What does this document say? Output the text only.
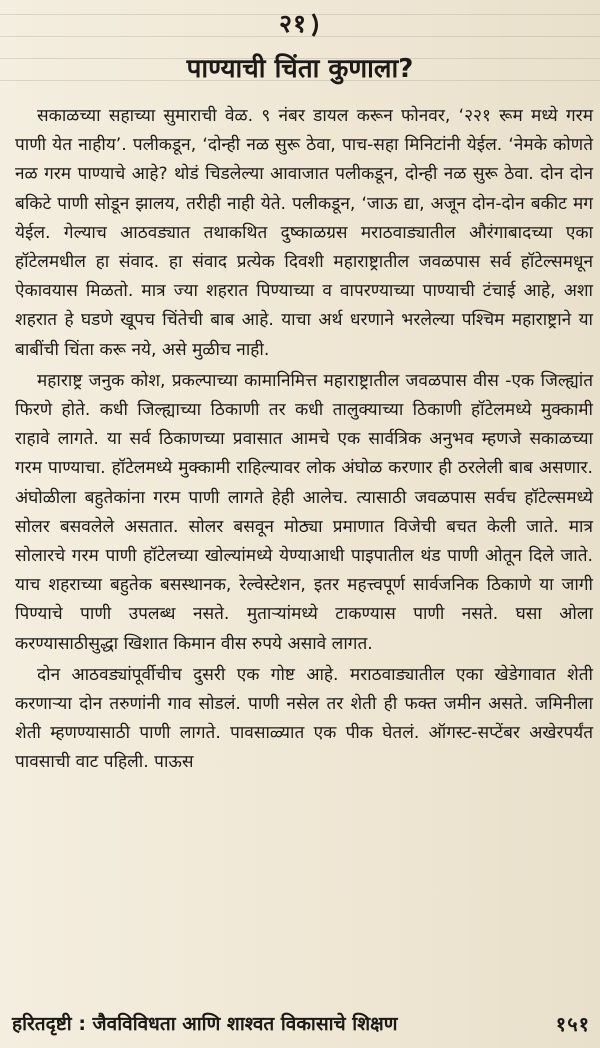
२१
पाण्याची चिंता कुणाला?

सकाळच्या सहाच्या सुमाराची वेळ. ९ नंबर डायल करून फोनवर, ‘२२१ रूम मध्ये गरम पाणी येत नाहीय’. पलीकडून, ‘दोन्ही नळ सुरू ठेवा, पाच-सहा मिनिटांनी येईल. ‘नेमके कोणते नळ गरम पाण्याचे आहे? थोडं चिडलेल्या आवाजात पलीकडून, दोन्ही नळ सुरू ठेवा. दोन दोन बकिटे पाणी सोडून झालय, तरीही नाही येते. पलीकडून, ‘जाऊ द्या, अजून दोन-दोन बकीट मग येईल. गेल्याच आठवड्यात तथाकथित दुष्काळग्रस मराठवाड्यातील औरंगाबादच्या एका हॉटेलमधील हा संवाद. हा संवाद प्रत्येक दिवशी महाराष्ट्रातील जवळपास सर्व हॉटेल्समधून ऐकावयास मिळतो. मात्र ज्या शहरात पिण्याच्या व वापरण्याच्या पाण्याची टंचाई आहे, अशा शहरात हे घडणे खूपच चिंतेची बाब आहे. याचा अर्थ धरणाने भरलेल्या पश्चिम महाराष्ट्राने या बाबींची चिंता करू नये, असे मुळीच नाही.

महाराष्ट्र जनुक कोश, प्रकल्पाच्या कामानिमित्त महाराष्ट्रातील जवळपास वीस -एक जिल्ह्यांत फिरणे होते. कधी जिल्ह्याच्या ठिकाणी तर कधी तालुक्याच्या ठिकाणी हॉटेलमध्ये मुक्कामी राहावे लागते. या सर्व ठिकाणच्या प्रवासात आमचे एक सार्वत्रिक अनुभव म्हणजे सकाळच्या गरम पाण्याचा. हॉटेलमध्ये मुक्कामी राहिल्यावर लोक अंघोळ करणार ही ठरलेली बाब असणार. अंघोळीला बहुतेकांना गरम पाणी लागते हेही आलेच. त्यासाठी जवळपास सर्वच हॉटेल्समध्ये सोलर बसवलेले असतात. सोलर बसवून मोठ्या प्रमाणात विजेची बचत केली जाते. मात्र सोलारचे गरम पाणी हॉटेलच्या खोल्यांमध्ये येण्याआधी पाइपातील थंड पाणी ओतून दिले जाते. याच शहराच्या बहुतेक बसस्थानक, रेल्वेस्टेशन, इतर महत्त्वपूर्ण सार्वजनिक ठिकाणे या जागी पिण्याचे पाणी उपलब्ध नसते. मुताऱ्यांमध्ये टाकण्यास पाणी नसते. घसा ओला करण्यासाठीसुद्धा खिशात किमान वीस रुपये असावे लागत.

दोन आठवड्यांपूर्वीचीच दुसरी एक गोष्ट आहे. मराठवाड्यातील एका खेडेगावात शेती करणाऱ्या दोन तरुणांनी गाव सोडलं. पाणी नसेल तर शेती ही फक्त जमीन असते. जमिनीला शेती म्हणण्यासाठी पाणी लागते. पावसाळ्यात एक पीक घेतलं. ऑगस्ट-सप्टेंबर अखेरपर्यंत पावसाची वाट पहिली. पाऊस

हरितदृष्टी : जैवविविधता आणि शाश्वत विकासाचे शिक्षण	१५१
